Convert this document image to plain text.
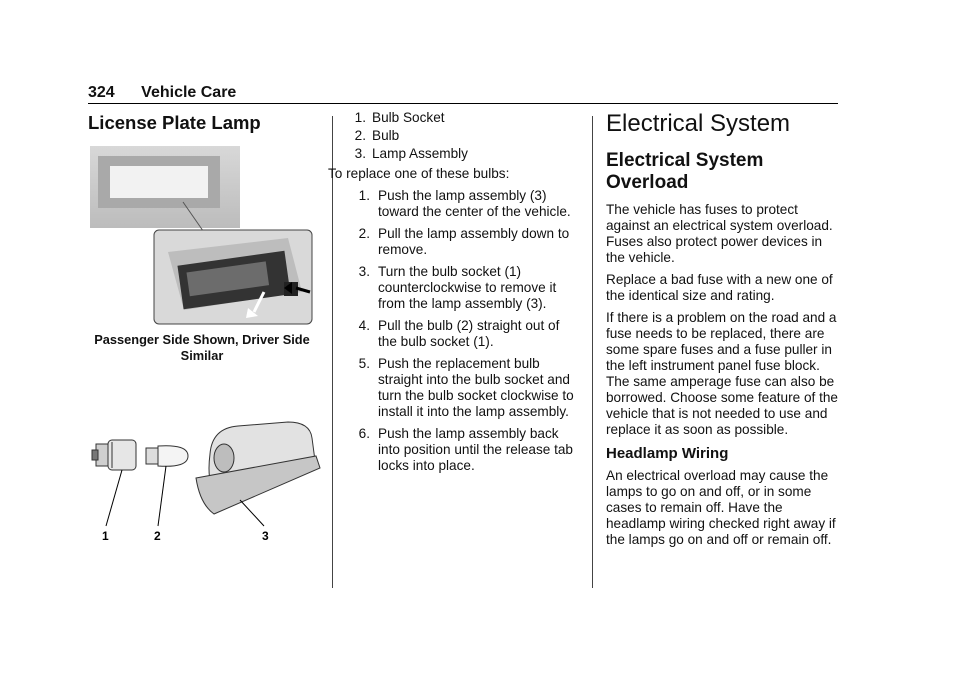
324 Vehicle Care
License Plate Lamp
Passenger Side Shown, Driver Side Similar
1	2	3
1. Bulb Socket
2. Bulb
3. Lamp Assembly

To replace one of these bulbs:

1. Push the lamp assembly (3) toward the center of the vehicle.
2. Pull the lamp assembly down to remove.
3. Turn the bulb socket (1) counterclockwise to remove it from the lamp assembly (3).
4. Pull the bulb (2) straight out of the bulb socket (1).
5. Push the replacement bulb straight into the bulb socket and turn the bulb socket clockwise to install it into the lamp assembly.
6. Push the lamp assembly back into position until the release tab locks into place.
Electrical System
Electrical System Overload

The vehicle has fuses to protect against an electrical system overload. Fuses also protect power devices in the vehicle.

Replace a bad fuse with a new one of the identical size and rating.

If there is a problem on the road and a fuse needs to be replaced, there are some spare fuses and a fuse puller in the left instrument panel fuse block. The same amperage fuse can also be borrowed. Choose some feature of the vehicle that is not needed to use and replace it as soon as possible.

Headlamp Wiring

An electrical overload may cause the lamps to go on and off, or in some cases to remain off. Have the headlamp wiring checked right away if the lamps go on and off or remain off.
